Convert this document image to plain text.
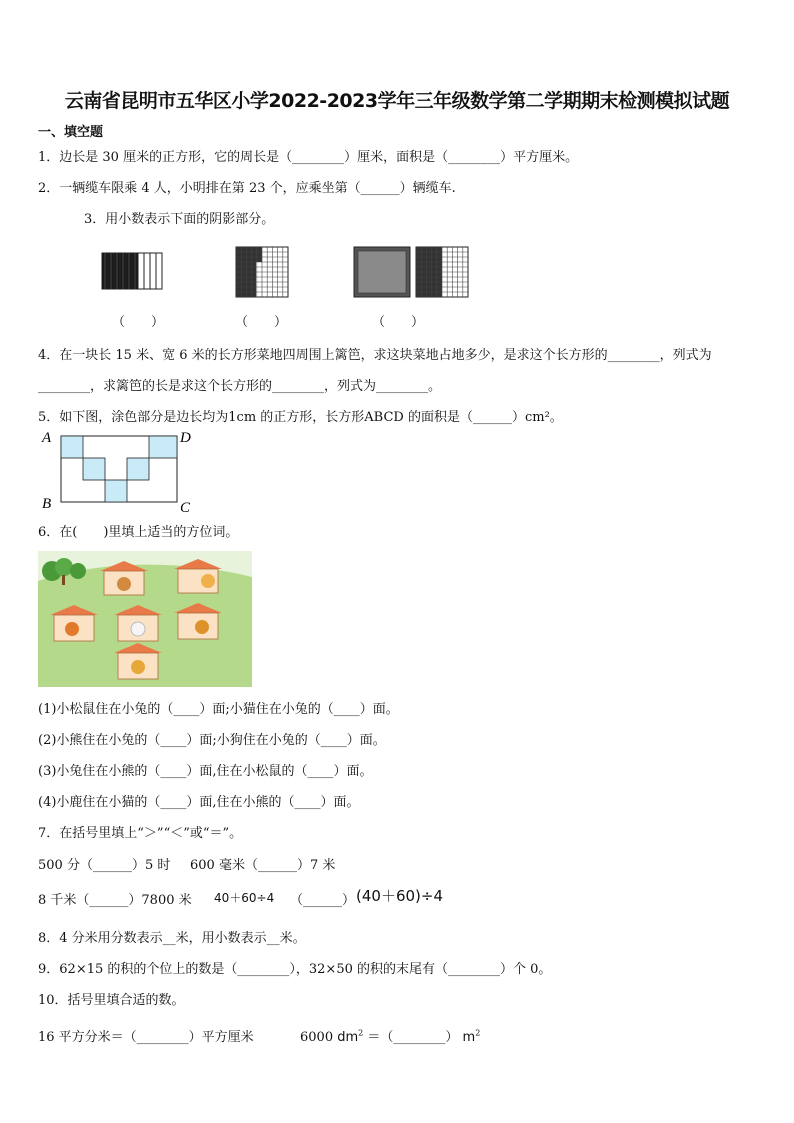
云南省昆明市五华区小学2022-2023学年三年级数学第二学期期末检测模拟试题
一、填空题
1．边长是 30 厘米的正方形，它的周长是（________）厘米，面积是（________）平方厘米。
2．一辆缆车限乘 4 人，小明排在第 23 个，应乘坐第（______）辆缆车.
3．用小数表示下面的阴影部分。
（　　）	（　　）	（　　）
4．在一块长 15 米、宽 6 米的长方形菜地四周围上篱笆，求这块菜地占地多少，是求这个长方形的________，列式为
________，求篱笆的长是求这个长方形的________，列式为________。
5．如下图，涂色部分是边长均为1cm 的正方形，长方形ABCD 的面积是（______）cm²。
A
B	C
D
6．在(　　)里填上适当的方位词。
(1)小松鼠住在小兔的（____）面;小猫住在小兔的（____）面。
(2)小熊住在小兔的（____）面;小狗住在小兔的（____）面。
(3)小兔住在小熊的（____）面,住在小松鼠的（____）面。
(4)小鹿住在小猫的（____）面,住在小熊的（____）面。
7．在括号里填上“＞”“＜”或“＝”。
500 分（______）5 时 600 毫米（______）7 米
8 千米（______）7800 米 40＋60÷4 （______） (40＋60)÷4
8．4 分米用分数表示__米，用小数表示__米。
9．62×15 的积的个位上的数是（________），32×50 的积的末尾有（________）个 0。
10．括号里填合适的数。
16 平方分米＝（________）平方厘米	6000 $dm^2$ ＝（________） $m^2$
